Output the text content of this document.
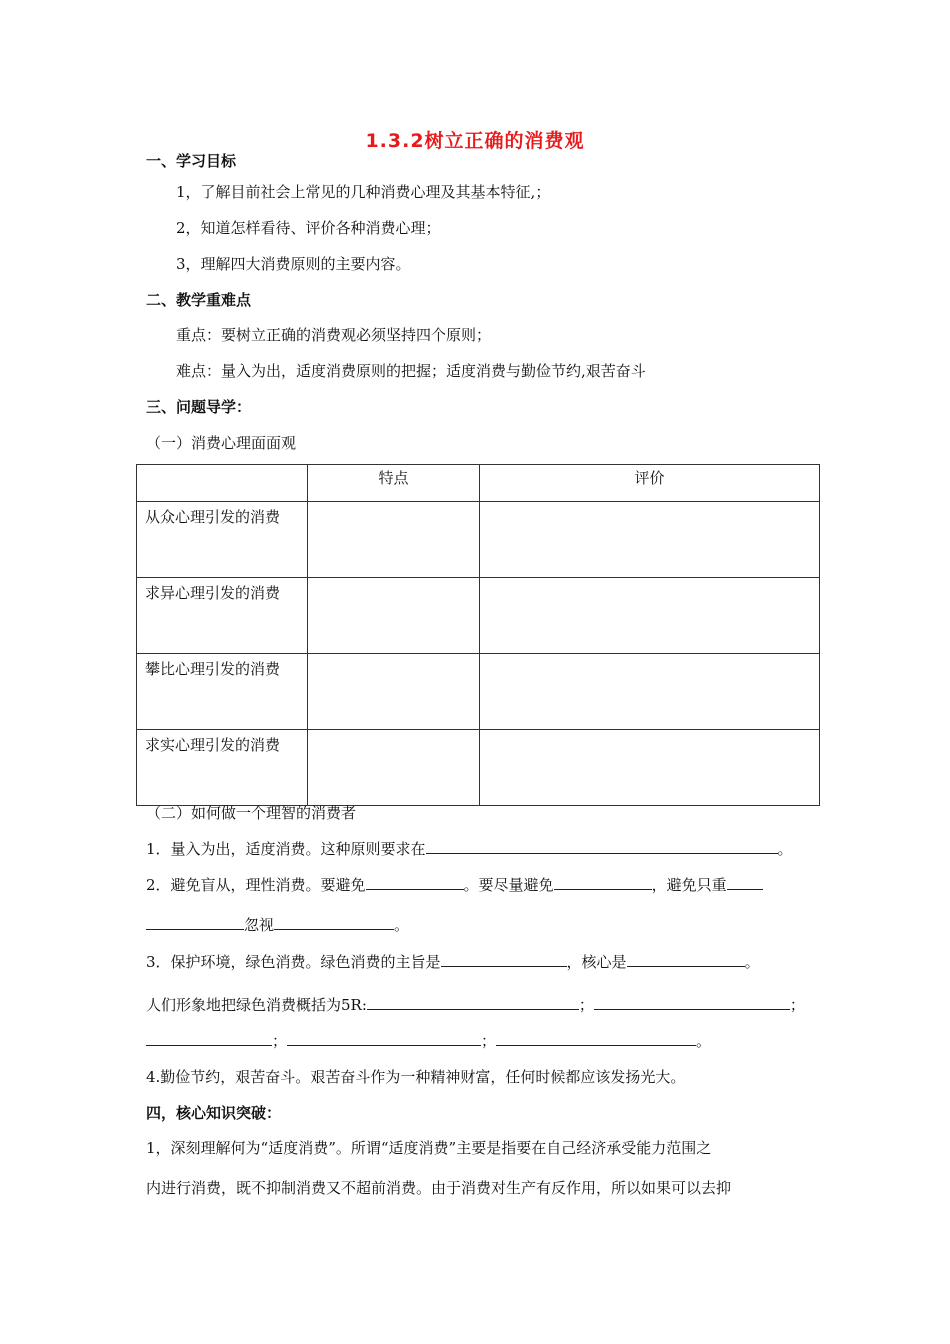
1.3.2树立正确的消费观
一、学习目标
1，了解目前社会上常见的几种消费心理及其基本特征,；
2，知道怎样看待、评价各种消费心理；
3，理解四大消费原则的主要内容。
二、教学重难点
重点：要树立正确的消费观必须坚持四个原则；
难点：量入为出，适度消费原则的把握；适度消费与勤俭节约,艰苦奋斗
三、问题导学：
（一）消费心理面面观
	特点	评价
从众心理引发的消费		
求异心理引发的消费		
攀比心理引发的消费		
求实心理引发的消费		
（二）如何做一个理智的消费者
1．量入为出，适度消费。这种原则要求在	。
2．避免盲从，理性消费。要避免	。要尽量避免	，避免只重
忽视	。
3．保护环境，绿色消费。绿色消费的主旨是	，核心是	。
人们形象地把绿色消费概括为5R:	；	；
；	；	。
4.勤俭节约，艰苦奋斗。艰苦奋斗作为一种精神财富，任何时候都应该发扬光大。
四，核心知识突破：
1，深刻理解何为“适度消费”。所谓“适度消费”主要是指要在自己经济承受能力范围之
内进行消费，既不抑制消费又不超前消费。由于消费对生产有反作用，所以如果可以去抑
